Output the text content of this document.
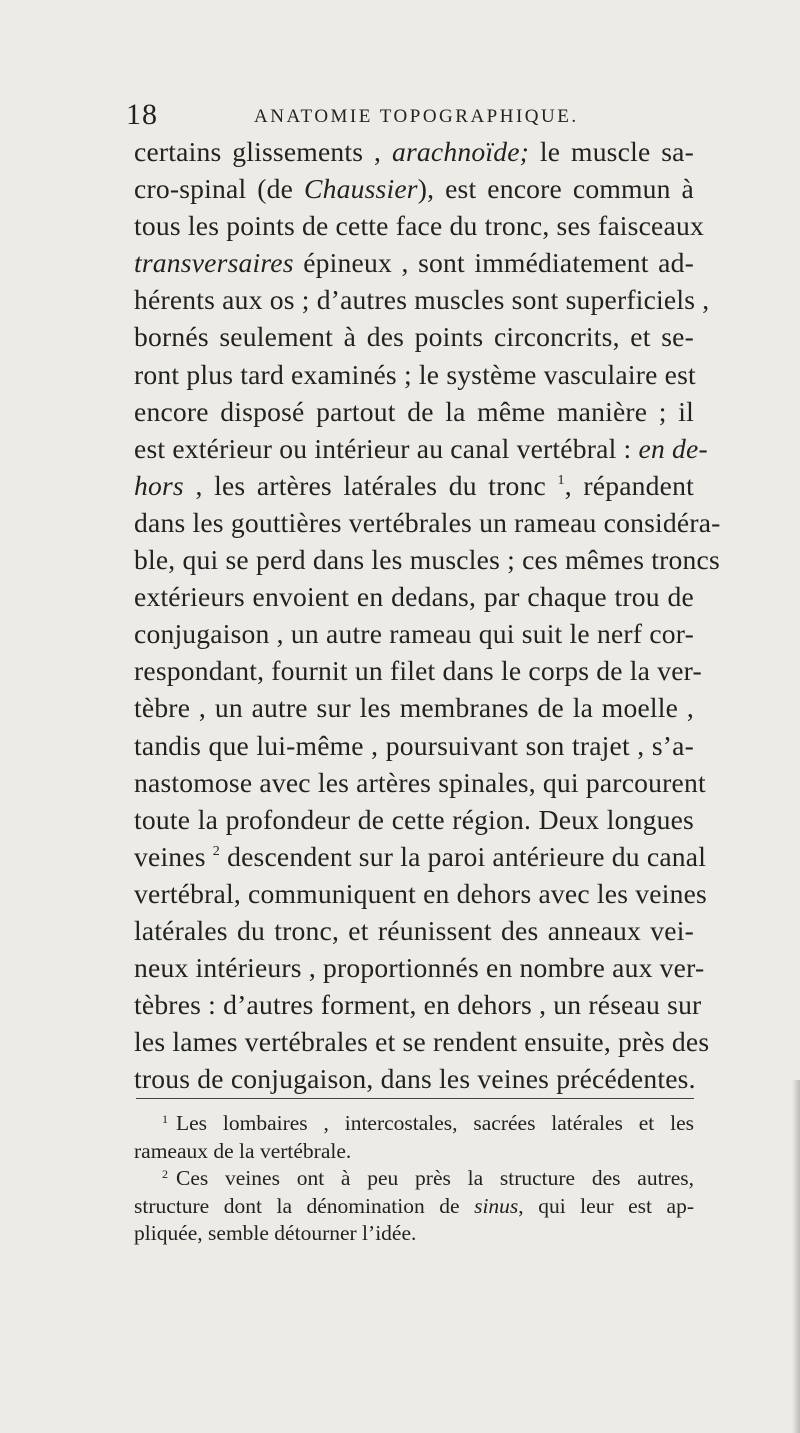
18	ANATOMIE TOPOGRAPHIQUE.
certains glissements , arachnoïde; le muscle sa-
cro-spinal (de Chaussier), est encore commun à
tous les points de cette face du tronc, ses faisceaux
transversaires épineux , sont immédiatement ad-
hérents aux os ; d’autres muscles sont superficiels ,
bornés seulement à des points circoncrits, et se-
ront plus tard examinés ; le système vasculaire est
encore disposé partout de la même manière ; il
est extérieur ou intérieur au canal vertébral : en de-
hors , les artères latérales du tronc $^1$, répandent
dans les gouttières vertébrales un rameau considéra-
ble, qui se perd dans les muscles ; ces mêmes troncs
extérieurs envoient en dedans, par chaque trou de
conjugaison , un autre rameau qui suit le nerf cor-
respondant, fournit un filet dans le corps de la ver-
tèbre , un autre sur les membranes de la moelle ,
tandis que lui-même , poursuivant son trajet , s’a-
nastomose avec les artères spinales, qui parcourent
toute la profondeur de cette région. Deux longues
veines $^2$ descendent sur la paroi antérieure du canal
vertébral, communiquent en dehors avec les veines
latérales du tronc, et réunissent des anneaux vei-
neux intérieurs , proportionnés en nombre aux ver-
tèbres : d’autres forment, en dehors , un réseau sur
les lames vertébrales et se rendent ensuite, près des
trous de conjugaison, dans les veines précédentes.
$^1$ Les lombaires , intercostales, sacrées latérales et les
rameaux de la vertébrale.
$^2$ Ces veines ont à peu près la structure des autres,
structure dont la dénomination de sinus, qui leur est ap-
pliquée, semble détourner l’idée.
